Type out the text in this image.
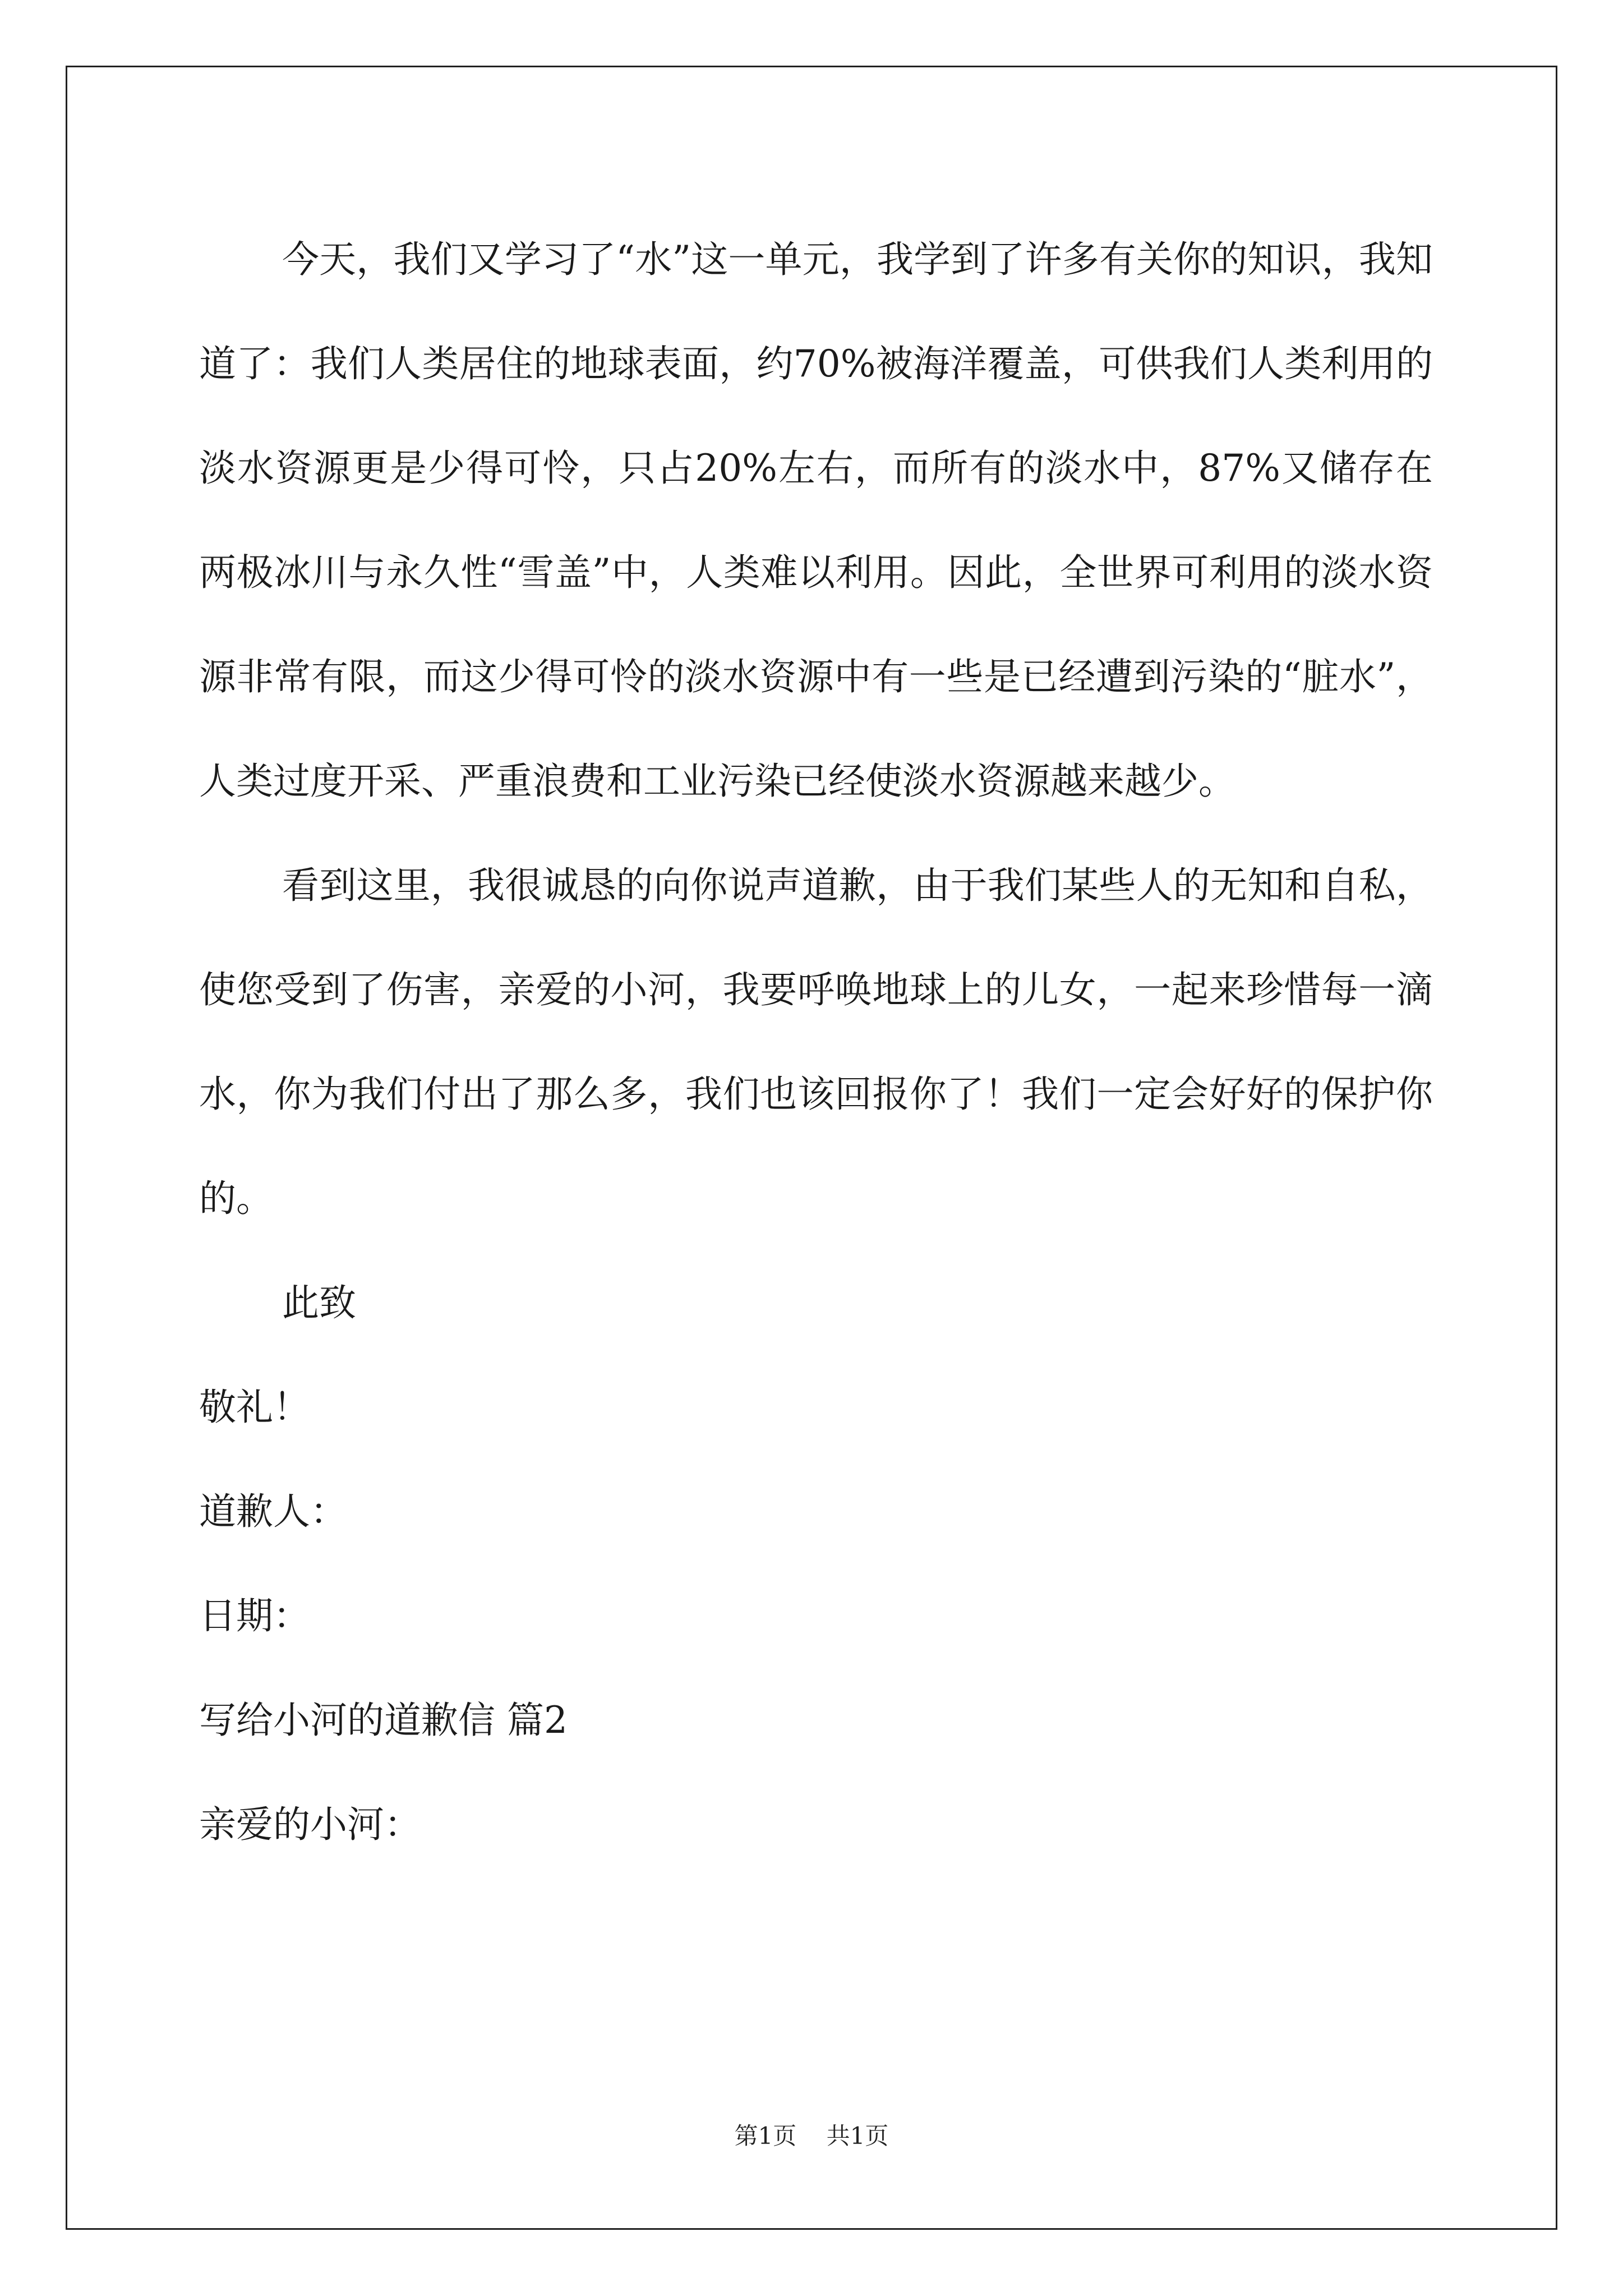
今天，我们又学习了“水”这一单元，我学到了许多有关你的知识，我知道了：我们人类居住的地球表面，约70%被海洋覆盖，可供我们人类利用的淡水资源更是少得可怜，只占20%左右，而所有的淡水中，87%又储存在两极冰川与永久性“雪盖”中，人类难以利用。因此，全世界可利用的淡水资源非常有限，而这少得可怜的淡水资源中有一些是已经遭到污染的“脏水”，人类过度开采、严重浪费和工业污染已经使淡水资源越来越少。

看到这里，我很诚恳的向你说声道歉，由于我们某些人的无知和自私，使您受到了伤害，亲爱的小河，我要呼唤地球上的儿女，一起来珍惜每一滴水，你为我们付出了那么多，我们也该回报你了！我们一定会好好的保护你的。

此致

敬礼！

道歉人：

日期：

写给小河的道歉信 篇2

亲爱的小河：

第1页 共1页
